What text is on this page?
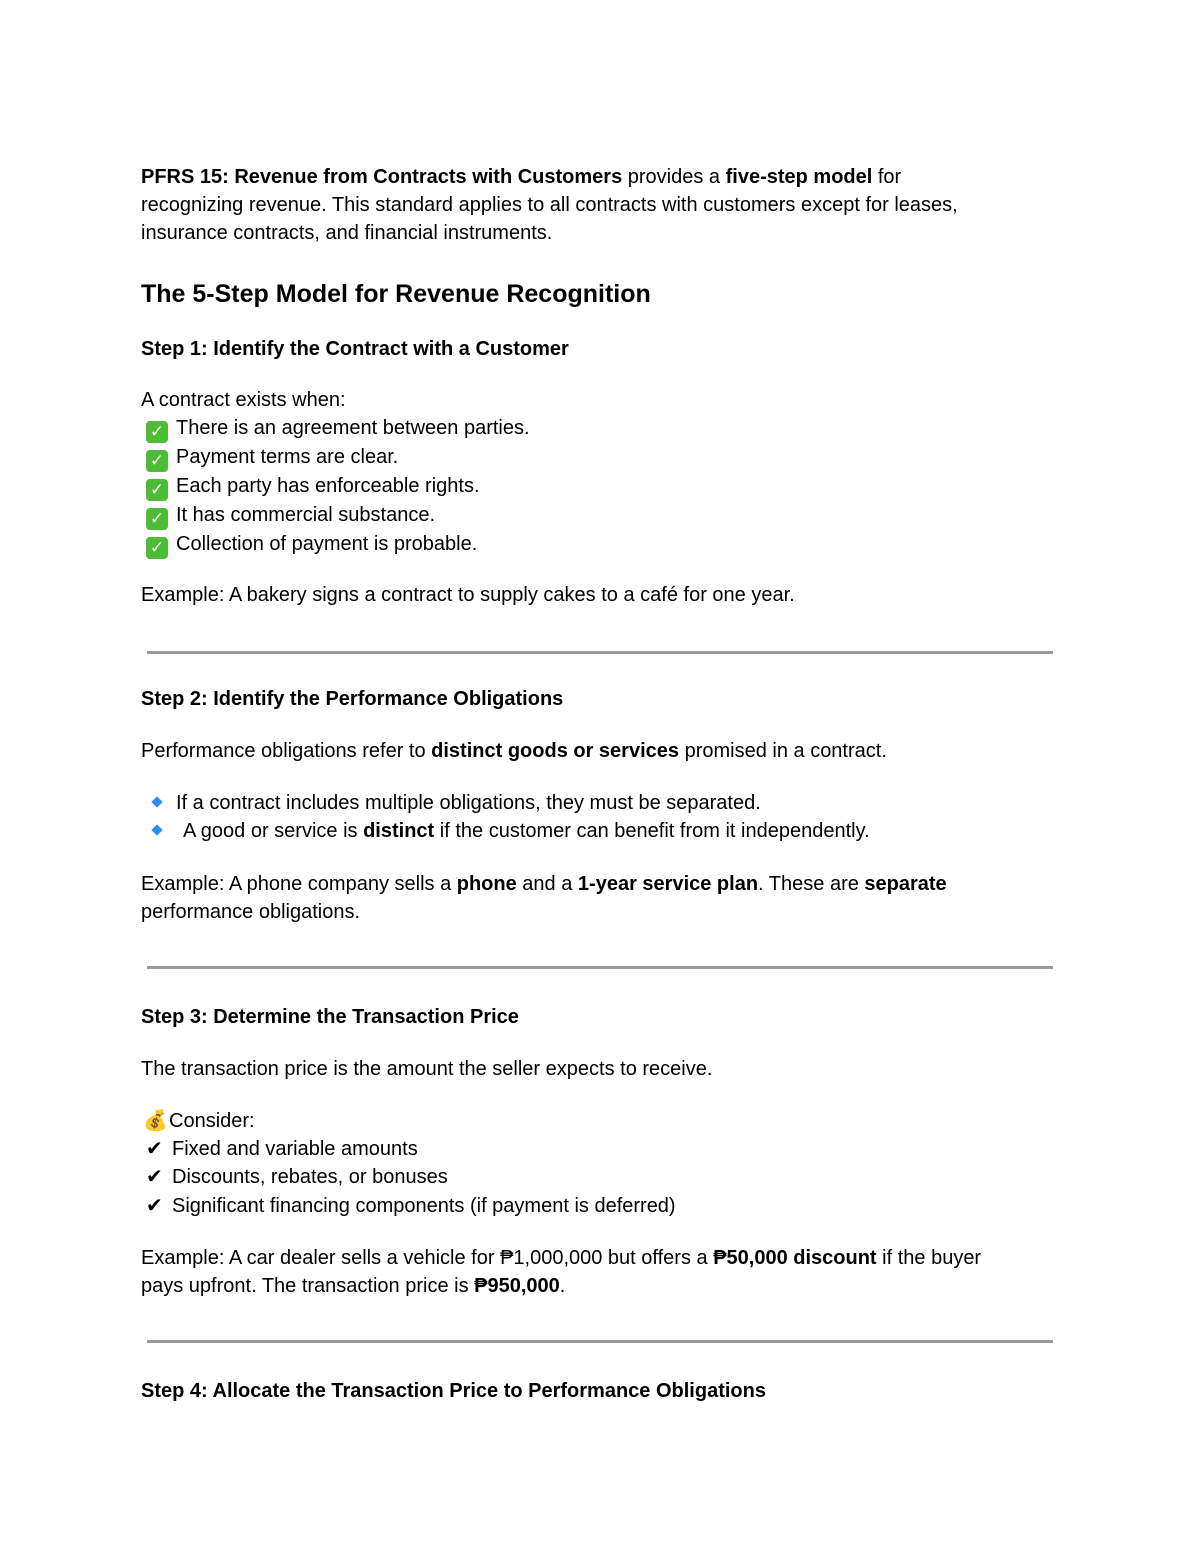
PFRS 15: Revenue from Contracts with Customers provides a five-step model for
recognizing revenue. This standard applies to all contracts with customers except for leases,
insurance contracts, and financial instruments.
The 5-Step Model for Revenue Recognition
Step 1: Identify the Contract with a Customer
A contract exists when:
✓ There is an agreement between parties.
✓ Payment terms are clear.
✓ Each party has enforceable rights.
✓ It has commercial substance.
✓ Collection of payment is probable.
Example: A bakery signs a contract to supply cakes to a café for one year.
Step 2: Identify the Performance Obligations
Performance obligations refer to distinct goods or services promised in a contract.
If a contract includes multiple obligations, they must be separated.
A good or service is distinct if the customer can benefit from it independently.
Example: A phone company sells a phone and a 1-year service plan. These are separate
performance obligations.
Step 3: Determine the Transaction Price
The transaction price is the amount the seller expects to receive.
💰Consider:
✔ Fixed and variable amounts
✔ Discounts, rebates, or bonuses
✔ Significant financing components (if payment is deferred)
Example: A car dealer sells a vehicle for ₱1,000,000 but offers a ₱50,000 discount if the buyer
pays upfront. The transaction price is ₱950,000.
Step 4: Allocate the Transaction Price to Performance Obligations
